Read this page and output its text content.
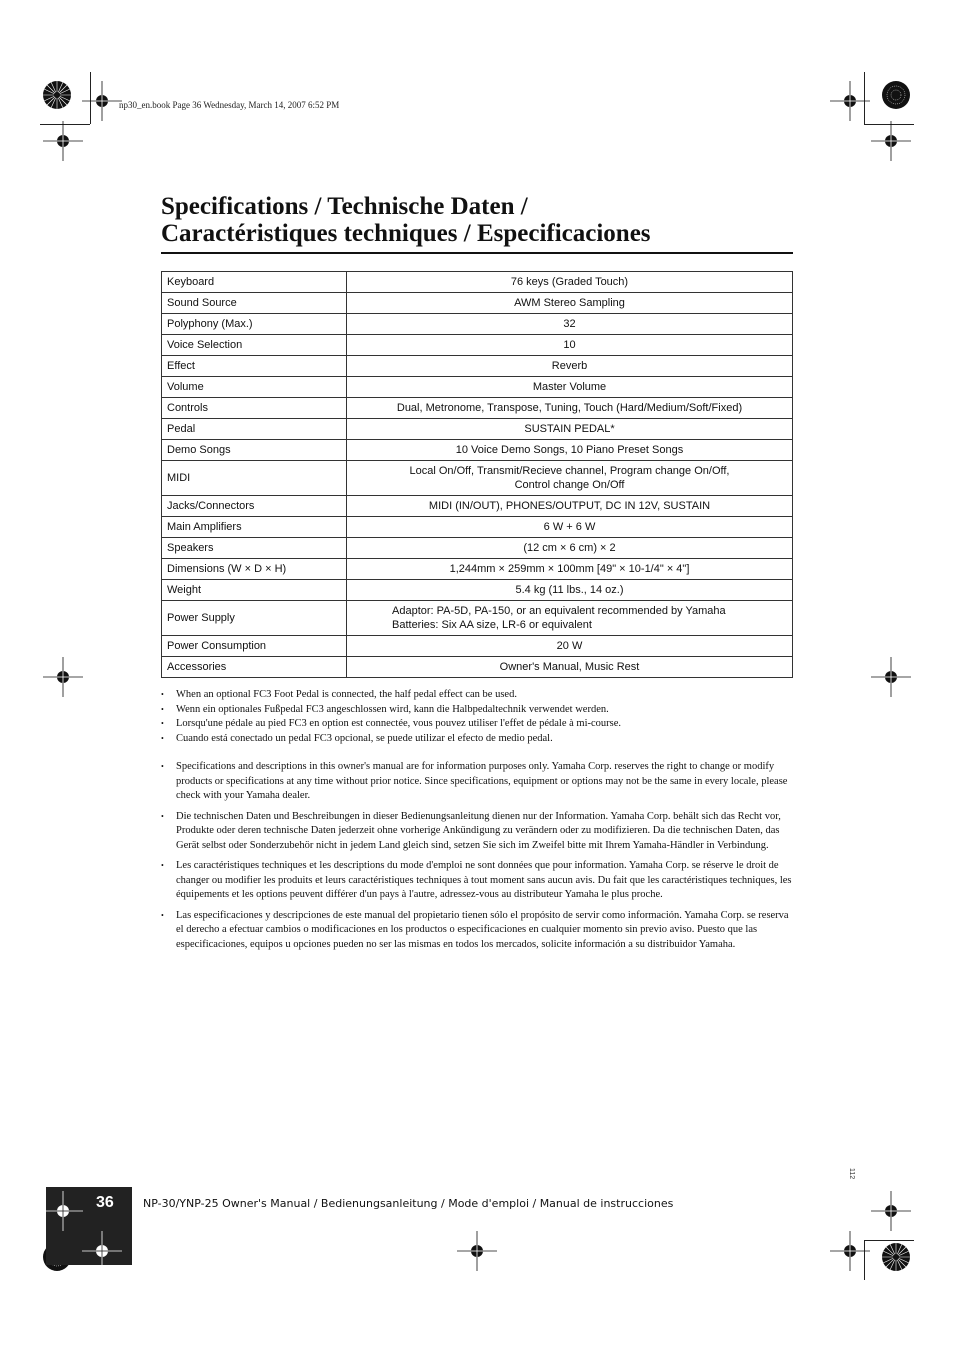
np30_en.book Page 36 Wednesday, March 14, 2007 6:52 PM
Specifications / Technische Daten /
Caractéristiques techniques / Especificaciones
Keyboard	76 keys (Graded Touch)
Sound Source	AWM Stereo Sampling
Polyphony (Max.)	32
Voice Selection	10
Effect	Reverb
Volume	Master Volume
Controls	Dual, Metronome, Transpose, Tuning, Touch (Hard/Medium/Soft/Fixed)
Pedal	SUSTAIN PEDAL*
Demo Songs	10 Voice Demo Songs, 10 Piano Preset Songs
MIDI	Local On/Off, Transmit/Recieve channel, Program change On/Off,
Control change On/Off
Jacks/Connectors	MIDI (IN/OUT), PHONES/OUTPUT, DC IN 12V, SUSTAIN
Main Amplifiers	6 W + 6 W
Speakers	(12 cm × 6 cm) × 2
Dimensions (W × D × H)	1,244mm × 259mm × 100mm [49" × 10-1/4" × 4"]
Weight	5.4 kg (11 lbs., 14 oz.)
Power Supply	Adaptor: PA-5D, PA-150, or an equivalent recommended by Yamaha
Batteries: Six AA size, LR-6 or equivalent
Power Consumption	20 W
Accessories	Owner's Manual, Music Rest
• When an optional FC3 Foot Pedal is connected, the half pedal effect can be used.
• Wenn ein optionales Fußpedal FC3 angeschlossen wird, kann die Halbpedaltechnik verwendet werden.
• Lorsqu'une pédale au pied FC3 en option est connectée, vous pouvez utiliser l'effet de pédale à mi-course.
• Cuando está conectado un pedal FC3 opcional, se puede utilizar el efecto de medio pedal.
• Specifications and descriptions in this owner's manual are for information purposes only. Yamaha Corp. reserves the right to change or modify products or specifications at any time without prior notice. Since specifications, equipment or options may not be the same in every locale, please check with your Yamaha dealer.
• Die technischen Daten und Beschreibungen in dieser Bedienungsanleitung dienen nur der Information. Yamaha Corp. behält sich das Recht vor, Produkte oder deren technische Daten jederzeit ohne vorherige Ankündigung zu verändern oder zu modifizieren. Da die technischen Daten, das Gerät selbst oder Sonderzubehör nicht in jedem Land gleich sind, setzen Sie sich im Zweifel bitte mit Ihrem Yamaha-Händler in Verbindung.
• Les caractéristiques techniques et les descriptions du mode d'emploi ne sont données que pour information. Yamaha Corp. se réserve le droit de changer ou modifier les produits et leurs caractéristiques techniques à tout moment sans aucun avis. Du fait que les caractéristiques techniques, les équipements et les options peuvent différer d'un pays à l'autre, adressez-vous au distributeur Yamaha le plus proche.
• Las especificaciones y descripciones de este manual del propietario tienen sólo el propósito de servir como información. Yamaha Corp. se reserva el derecho a efectuar cambios o modificaciones en los productos o especificaciones en cualquier momento sin previo aviso. Puesto que las especificaciones, equipos u opciones pueden no ser las mismas en todos los mercados, solicite información a su distribuidor Yamaha.
36	NP-30/YNP-25 Owner's Manual / Bedienungsanleitung / Mode d'emploi / Manual de instrucciones
112
